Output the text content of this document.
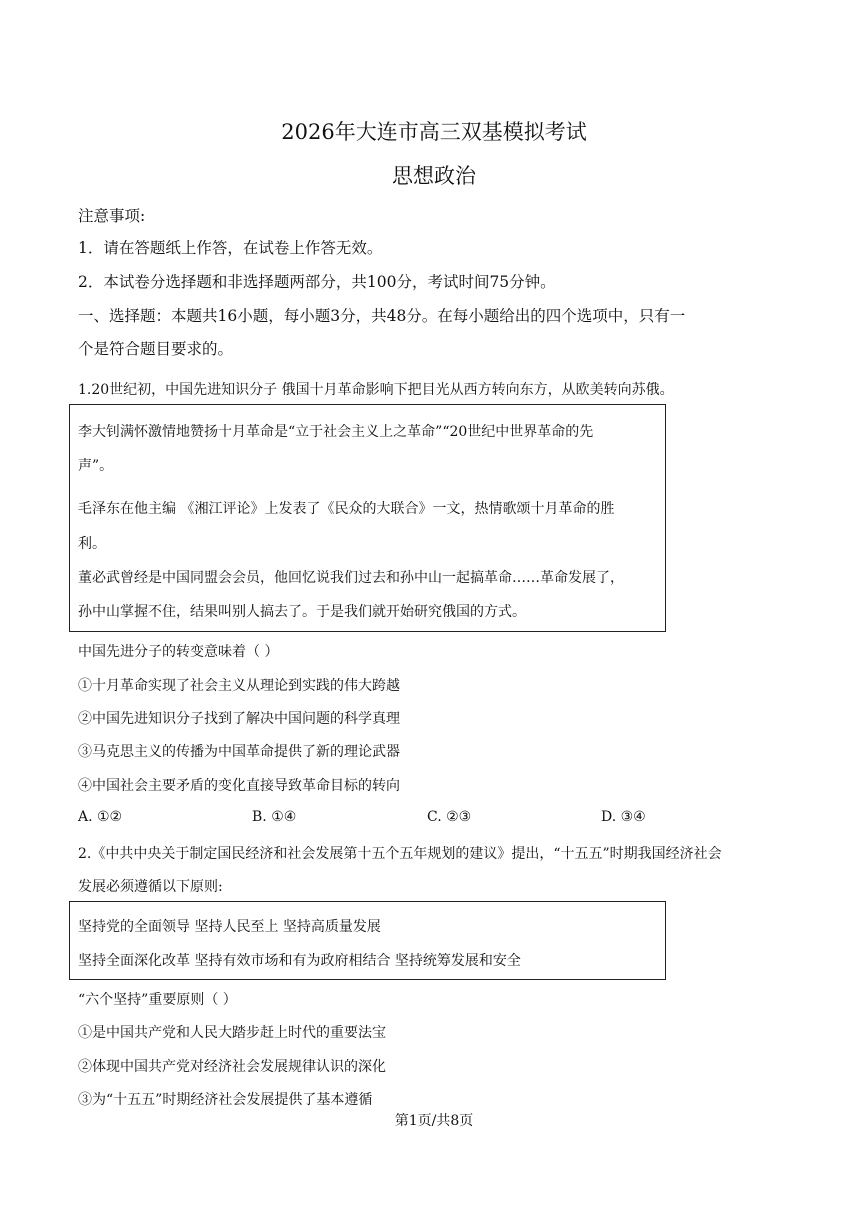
2026年大连市高三双基模拟考试
思想政治
注意事项:
1．请在答题纸上作答，在试卷上作答无效。
2．本试卷分选择题和非选择题两部分，共100分，考试时间75分钟。
一、选择题：本题共16小题，每小题3分，共48分。在每小题给出的四个选项中，只有一
个是符合题目要求的。
1.20世纪初，中国先进知识分子 俄国十月革命影响下把目光从西方转向东方，从欧美转向苏俄。
李大钊满怀激情地赞扬十月革命是“立于社会主义上之革命”“20世纪中世界革命的先
声”。
毛泽东在他主编 《湘江评论》上发表了《民众的大联合》一文，热情歌颂十月革命的胜
利。
董必武曾经是中国同盟会会员，他回忆说我们过去和孙中山一起搞革命……革命发展了，
孙中山掌握不住，结果叫别人搞去了。于是我们就开始研究俄国的方式。
中国先进分子的转变意味着（ ）
①十月革命实现了社会主义从理论到实践的伟大跨越
②中国先进知识分子找到了解决中国问题的科学真理
③马克思主义的传播为中国革命提供了新的理论武器
④中国社会主要矛盾的变化直接导致革命目标的转向
A. ①②	B. ①④	C. ②③	D. ③④
2.《中共中央关于制定国民经济和社会发展第十五个五年规划的建议》提出，“十五五”时期我国经济社会
发展必须遵循以下原则:
坚持党的全面领导 坚持人民至上 坚持高质量发展
坚持全面深化改革 坚持有效市场和有为政府相结合 坚持统筹发展和安全
“六个坚持”重要原则（ ）
①是中国共产党和人民大踏步赶上时代的重要法宝
②体现中国共产党对经济社会发展规律认识的深化
③为“十五五”时期经济社会发展提供了基本遵循
第1页/共8页
